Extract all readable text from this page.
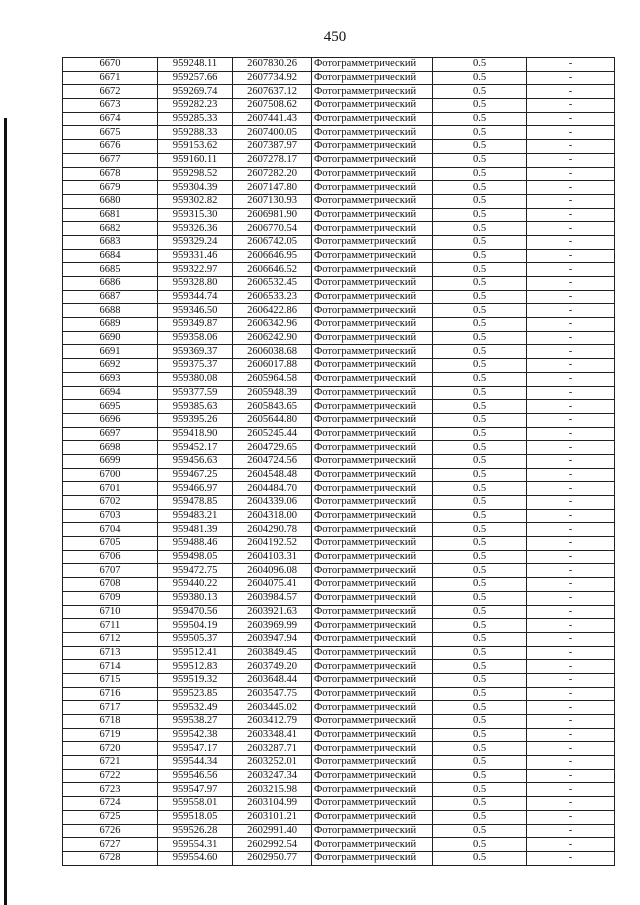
450
6670	959248.11	2607830.26	Фотограмметрический	0.5	-
6671	959257.66	2607734.92	Фотограмметрический	0.5	-
6672	959269.74	2607637.12	Фотограмметрический	0.5	-
6673	959282.23	2607508.62	Фотограмметрический	0.5	-
6674	959285.33	2607441.43	Фотограмметрический	0.5	-
6675	959288.33	2607400.05	Фотограмметрический	0.5	-
6676	959153.62	2607387.97	Фотограмметрический	0.5	-
6677	959160.11	2607278.17	Фотограмметрический	0.5	-
6678	959298.52	2607282.20	Фотограмметрический	0.5	-
6679	959304.39	2607147.80	Фотограмметрический	0.5	-
6680	959302.82	2607130.93	Фотограмметрический	0.5	-
6681	959315.30	2606981.90	Фотограмметрический	0.5	-
6682	959326.36	2606770.54	Фотограмметрический	0.5	-
6683	959329.24	2606742.05	Фотограмметрический	0.5	-
6684	959331.46	2606646.95	Фотограмметрический	0.5	-
6685	959322.97	2606646.52	Фотограмметрический	0.5	-
6686	959328.80	2606532.45	Фотограмметрический	0.5	-
6687	959344.74	2606533.23	Фотограмметрический	0.5	-
6688	959346.50	2606422.86	Фотограмметрический	0.5	-
6689	959349.87	2606342.96	Фотограмметрический	0.5	-
6690	959358.06	2606242.90	Фотограмметрический	0.5	-
6691	959369.37	2606038.68	Фотограмметрический	0.5	-
6692	959375.37	2606017.88	Фотограмметрический	0.5	-
6693	959380.08	2605964.58	Фотограмметрический	0.5	-
6694	959377.59	2605948.39	Фотограмметрический	0.5	-
6695	959385.63	2605843.65	Фотограмметрический	0.5	-
6696	959395.26	2605644.80	Фотограмметрический	0.5	-
6697	959418.90	2605245.44	Фотограмметрический	0.5	-
6698	959452.17	2604729.65	Фотограмметрический	0.5	-
6699	959456.63	2604724.56	Фотограмметрический	0.5	-
6700	959467.25	2604548.48	Фотограмметрический	0.5	-
6701	959466.97	2604484.70	Фотограмметрический	0.5	-
6702	959478.85	2604339.06	Фотограмметрический	0.5	-
6703	959483.21	2604318.00	Фотограмметрический	0.5	-
6704	959481.39	2604290.78	Фотограмметрический	0.5	-
6705	959488.46	2604192.52	Фотограмметрический	0.5	-
6706	959498.05	2604103.31	Фотограмметрический	0.5	-
6707	959472.75	2604096.08	Фотограмметрический	0.5	-
6708	959440.22	2604075.41	Фотограмметрический	0.5	-
6709	959380.13	2603984.57	Фотограмметрический	0.5	-
6710	959470.56	2603921.63	Фотограмметрический	0.5	-
6711	959504.19	2603969.99	Фотограмметрический	0.5	-
6712	959505.37	2603947.94	Фотограмметрический	0.5	-
6713	959512.41	2603849.45	Фотограмметрический	0.5	-
6714	959512.83	2603749.20	Фотограмметрический	0.5	-
6715	959519.32	2603648.44	Фотограмметрический	0.5	-
6716	959523.85	2603547.75	Фотограмметрический	0.5	-
6717	959532.49	2603445.02	Фотограмметрический	0.5	-
6718	959538.27	2603412.79	Фотограмметрический	0.5	-
6719	959542.38	2603348.41	Фотограмметрический	0.5	-
6720	959547.17	2603287.71	Фотограмметрический	0.5	-
6721	959544.34	2603252.01	Фотограмметрический	0.5	-
6722	959546.56	2603247.34	Фотограмметрический	0.5	-
6723	959547.97	2603215.98	Фотограмметрический	0.5	-
6724	959558.01	2603104.99	Фотограмметрический	0.5	-
6725	959518.05	2603101.21	Фотограмметрический	0.5	-
6726	959526.28	2602991.40	Фотограмметрический	0.5	-
6727	959554.31	2602992.54	Фотограмметрический	0.5	-
6728	959554.60	2602950.77	Фотограмметрический	0.5	-
